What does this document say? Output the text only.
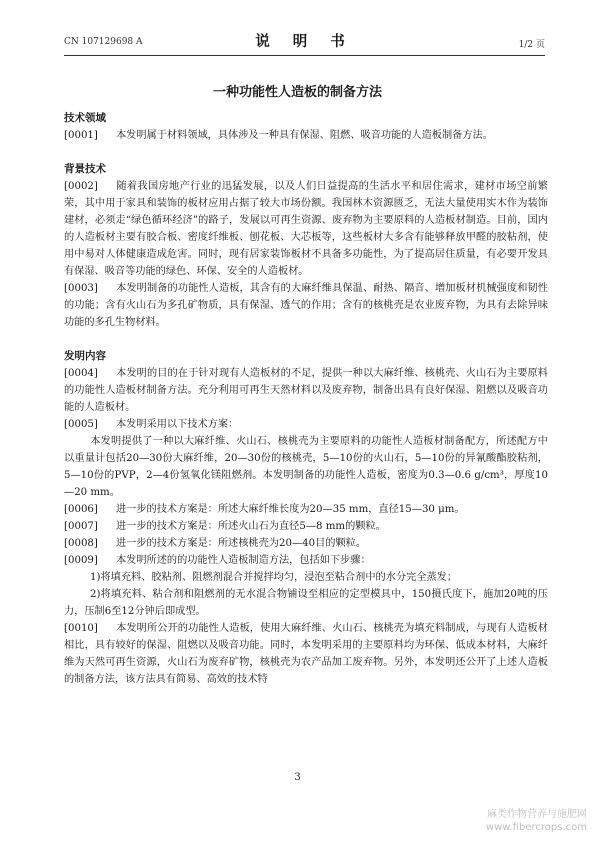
CN 107129698 A	说 明 书	1/2 页
一种功能性人造板的制备方法
技术领域
[0001] 本发明属于材料领域，具体涉及一种具有保湿、阻燃、吸音功能的人造板制备方法。
背景技术
[0002] 随着我国房地产行业的迅猛发展，以及人们日益提高的生活水平和居住需求，建材市场空前繁荣，其中用于家具和装饰的板材应用占据了较大市场份额。我国林木资源匮乏，无法大量使用实木作为装饰建材，必须走“绿色循环经济”的路子，发展以可再生资源、废弃物为主要原料的人造板材制造。目前，国内的人造板材主要有胶合板、密度纤维板、刨花板、大芯板等，这些板材大多含有能够释放甲醛的胶粘剂，使用中易对人体健康造成危害。同时，现有居家装饰板材不具备多功能性，为了提高居住质量，有必要开发具有保湿、吸音等功能的绿色、环保、安全的人造板材。
[0003] 本发明制备的功能性人造板，其含有的大麻纤维具保温、耐热、隔音、增加板材机械强度和韧性的功能；含有火山石为多孔矿物质，具有保湿、透气的作用；含有的核桃壳是农业废弃物，为具有去除异味功能的多孔生物材料。
发明内容
[0004] 本发明的目的在于针对现有人造板材的不足，提供一种以大麻纤维、核桃壳、火山石为主要原料的功能性人造板材制备方法。充分利用可再生天然材料以及废弃物，制备出具有良好保湿、阻燃以及吸音功能的人造板材。
[0005] 本发明采用以下技术方案：
本发明提供了一种以大麻纤维、火山石、核桃壳为主要原料的功能性人造板材制备配方，所述配方中以重量计包括20—30份大麻纤维，20—30份的核桃壳，5—10份的火山石，5—10份的异氰酸酯胶粘剂，5—10份的PVP，2—4份氢氧化镁阻燃剂。本发明制备的功能性人造板，密度为0.3—0.6 g/cm³，厚度10—20 mm。
[0006] 进一步的技术方案是：所述大麻纤维长度为20—35 mm，直径15—30 μm。
[0007] 进一步的技术方案是：所述火山石为直径5—8 mm的颗粒。
[0008] 进一步的技术方案是：所述核桃壳为20—40目的颗粒。
[0009] 本发明所述的的功能性人造板制造方法，包括如下步骤：
1)将填充料、胶粘剂、阻燃剂混合并搅拌均匀，浸泡至粘合剂中的水分完全蒸发；
2)将填充料、粘合剂和阻燃剂的无水混合物铺设至相应的定型模具中，150摄氏度下，施加20吨的压力，压制6至12分钟后即成型。
[0010] 本发明所公开的功能性人造板，使用大麻纤维、火山石、核桃壳为填充料制成，与现有人造板材相比，具有较好的保湿、阻燃以及吸音功能。同时，本发明采用的主要原料均为环保、低成本材料，大麻纤维为天然可再生资源，火山石为废弃矿物，核桃壳为农产品加工废弃物。另外，本发明还公开了上述人造板的制备方法，该方法具有简易、高效的技术特
3
麻类作物营养与施肥网
www.fibercrops.com
